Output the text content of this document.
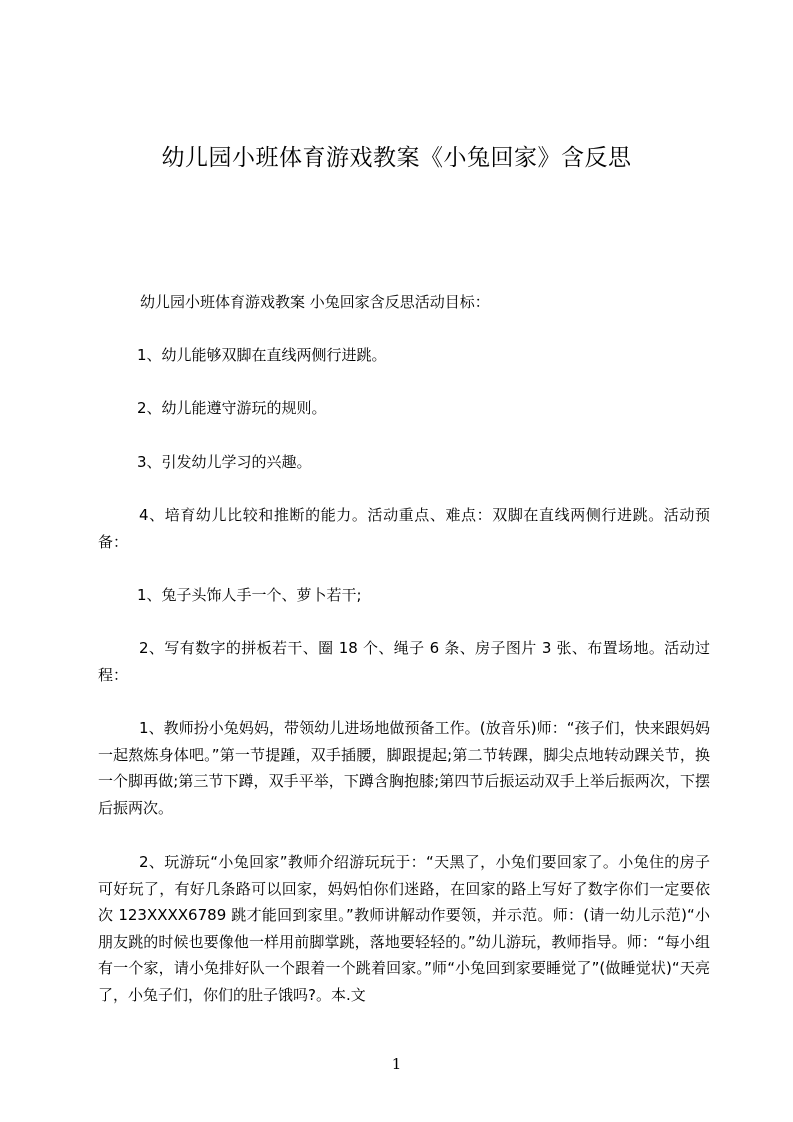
幼儿园小班体育游戏教案《小兔回家》含反思

幼儿园小班体育游戏教案 小兔回家含反思活动目标：

1、幼儿能够双脚在直线两侧行进跳。

2、幼儿能遵守游玩的规则。

3、引发幼儿学习的兴趣。

4、培育幼儿比较和推断的能力。活动重点、难点：双脚在直线两侧行进跳。活动预备：

1、兔子头饰人手一个、萝卜若干;

2、写有数字的拼板若干、圈 18 个、绳子 6 条、房子图片 3 张、布置场地。活动过程：

1、教师扮小兔妈妈，带领幼儿进场地做预备工作。(放音乐)师：“孩子们，快来跟妈妈一起熬炼身体吧。”第一节提踵，双手插腰，脚跟提起;第二节转踝，脚尖点地转动踝关节，换一个脚再做;第三节下蹲，双手平举，下蹲含胸抱膝;第四节后振运动双手上举后振两次，下摆后振两次。

2、玩游玩“小兔回家”教师介绍游玩玩于：“天黑了，小兔们要回家了。小兔住的房子可好玩了，有好几条路可以回家，妈妈怕你们迷路，在回家的路上写好了数字你们一定要依次 123XXXX6789 跳才能回到家里。”教师讲解动作要领，并示范。师：(请一幼儿示范)“小朋友跳的时候也要像他一样用前脚掌跳，落地要轻轻的。”幼儿游玩，教师指导。师：“每小组有一个家，请小兔排好队一个跟着一个跳着回家。”师“小兔回到家要睡觉了”(做睡觉状)“天亮了，小兔子们，你们的肚子饿吗?。本.文

1
